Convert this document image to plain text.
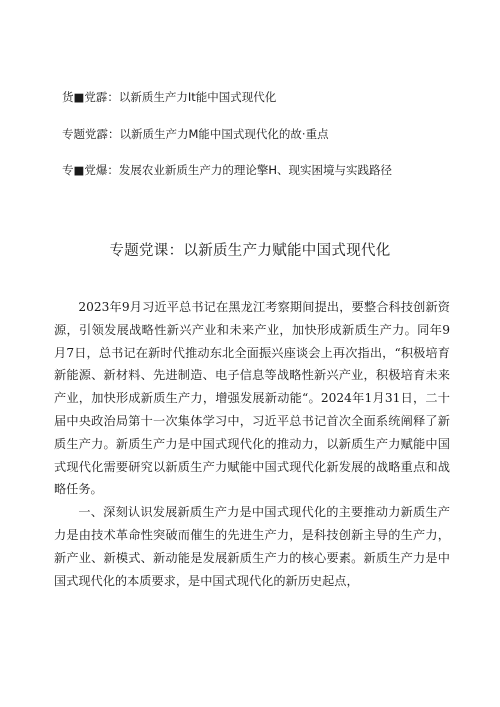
货■党霹：以新质生产力It能中国式现代化
专题党霹：以新质生产力M能中国式现代化的故·重点
专■党爆：发展农业新质生产力的理论擎H、现实困境与实践路径
专题党课：以新质生产力赋能中国式现代化

2023年9月习近平总书记在黑龙江考察期间提出，要整合科技创新资源，引领发展战略性新兴产业和未来产业，加快形成新质生产力。同年9月7日，总书记在新时代推动东北全面振兴座谈会上再次指出，“积极培育新能源、新材料、先进制造、电子信息等战略性新兴产业，积极培育未来产业，加快形成新质生产力，增强发展新动能“。2024年1月31日，二十届中央政治局第十一次集体学习中，习近平总书记首次全面系统阐释了新质生产力。新质生产力是中国式现代化的推动力，以新质生产力赋能中国式现代化需要研究以新质生产力赋能中国式现代化新发展的战略重点和战略任务。

一、深刻认识发展新质生产力是中国式现代化的主要推动力新质生产力是由技术革命性突破而催生的先进生产力，是科技创新主导的生产力，新产业、新模式、新动能是发展新质生产力的核心要素。新质生产力是中国式现代化的本质要求，是中国式现代化的新历史起点，
